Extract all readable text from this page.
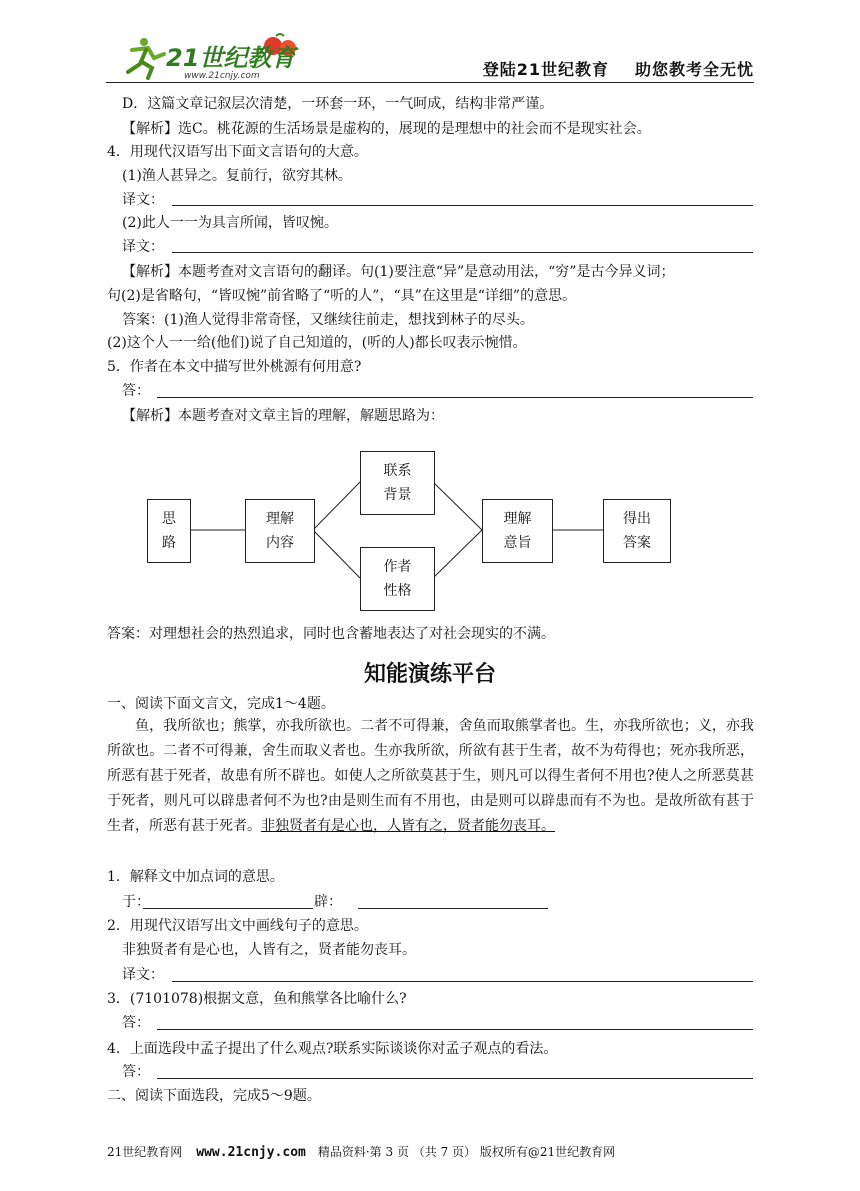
21世纪教育
www.21cnjy.com	登陆21世纪教育 助您教考全无忧
D．这篇文章记叙层次清楚，一环套一环，一气呵成，结构非常严谨。
【解析】选C。桃花源的生活场景是虚构的，展现的是理想中的社会而不是现实社会。
4．用现代汉语写出下面文言语句的大意。
(1)渔人甚异之。复前行，欲穷其林。
译文：
(2)此人一一为具言所闻，皆叹惋。
译文：
【解析】本题考查对文言语句的翻译。句(1)要注意“异”是意动用法，“穷”是古今异义词；
句(2)是省略句，“皆叹惋”前省略了“听的人”，“具”在这里是“详细”的意思。
答案：(1)渔人觉得非常奇怪，又继续往前走，想找到林子的尽头。
(2)这个人一一给(他们)说了自己知道的，(听的人)都长叹表示惋惜。
5．作者在本文中描写世外桃源有何用意?
答：
【解析】本题考查对文章主旨的理解，解题思路为：
思
路
理解
内容
联系
背景
作者
性格
理解
意旨
得出
答案
答案：对理想社会的热烈追求，同时也含蓄地表达了对社会现实的不满。
知能演练平台
一、阅读下面文言文，完成1～4题。
鱼，我所欲也；熊掌，亦我所欲也。二者不可得兼，舍鱼而取熊掌者也。生，亦我所欲也；义，亦我所欲也。二者不可得兼，舍生而取义者也。生亦我所欲，所欲有甚于生者，故不为苟得也；死亦我所恶，所恶有甚于死者，故患有所不辟也。如使人之所欲莫甚于生，则凡可以得生者何不用也?使人之所恶莫甚于死者，则凡可以辟患者何不为也?由是则生而有不用也，由是则可以辟患而有不为也。是故所欲有甚于生者，所恶有甚于死者。非独贤者有是心也，人皆有之，贤者能勿丧耳。
1．解释文中加点词的意思。
于：	辟：
2．用现代汉语写出文中画线句子的意思。
非独贤者有是心也，人皆有之，贤者能勿丧耳。
译文：
3．(7101078)根据文意，鱼和熊掌各比喻什么?
答：
4．上面选段中孟子提出了什么观点?联系实际谈谈你对孟子观点的看法。
答：
二、阅读下面选段，完成5～9题。
21世纪教育网 www.21cnjy.com 精品资料·第 3 页 （共 7 页） 版权所有@21世纪教育网
